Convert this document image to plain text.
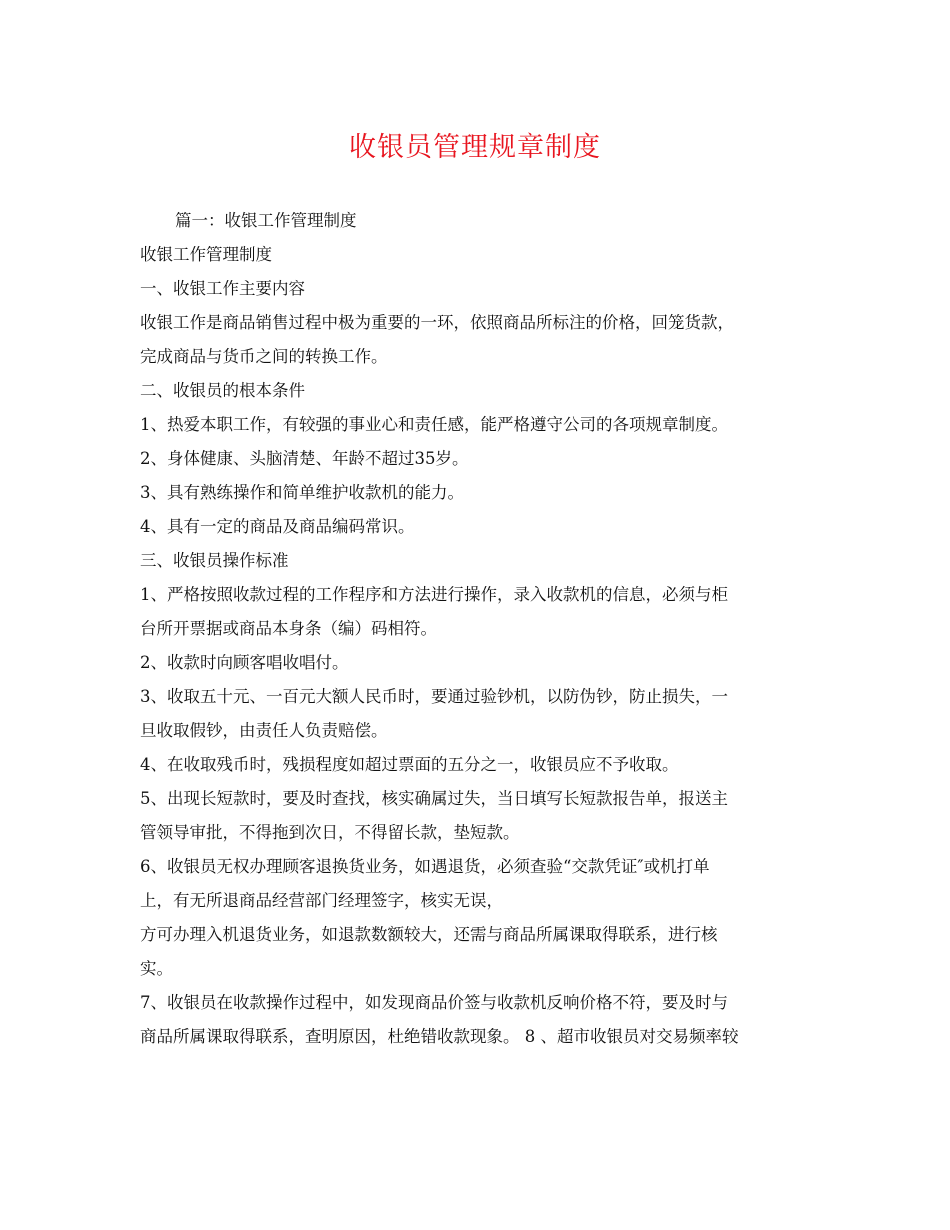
收银员管理规章制度

篇一：收银工作管理制度

收银工作管理制度

一、收银工作主要内容

收银工作是商品销售过程中极为重要的一环，依照商品所标注的价格，回笼货款，

完成商品与货币之间的转换工作。

二、收银员的根本条件

1、热爱本职工作，有较强的事业心和责任感，能严格遵守公司的各项规章制度。

2、身体健康、头脑清楚、年龄不超过35岁。

3、具有熟练操作和简单维护收款机的能力。

4、具有一定的商品及商品编码常识。

三、收银员操作标准

1、严格按照收款过程的工作程序和方法进行操作，录入收款机的信息，必须与柜

台所开票据或商品本身条（编）码相符。

2、收款时向顾客唱收唱付。

3、收取五十元、一百元大额人民币时，要通过验钞机，以防伪钞，防止损失，一

旦收取假钞，由责任人负责赔偿。

4、在收取残币时，残损程度如超过票面的五分之一，收银员应不予收取。

5、出现长短款时，要及时查找，核实确属过失，当日填写长短款报告单，报送主

管领导审批，不得拖到次日，不得留长款，垫短款。

6、收银员无权办理顾客退换货业务，如遇退货，必须查验“交款凭证″或机打单

上，有无所退商品经营部门经理签字，核实无误，

方可办理入机退货业务，如退款数额较大，还需与商品所属课取得联系，进行核

实。

7、收银员在收款操作过程中，如发现商品价签与收款机反响价格不符，要及时与

商品所属课取得联系，查明原因，杜绝错收款现象。 8 、超市收银员对交易频率较
